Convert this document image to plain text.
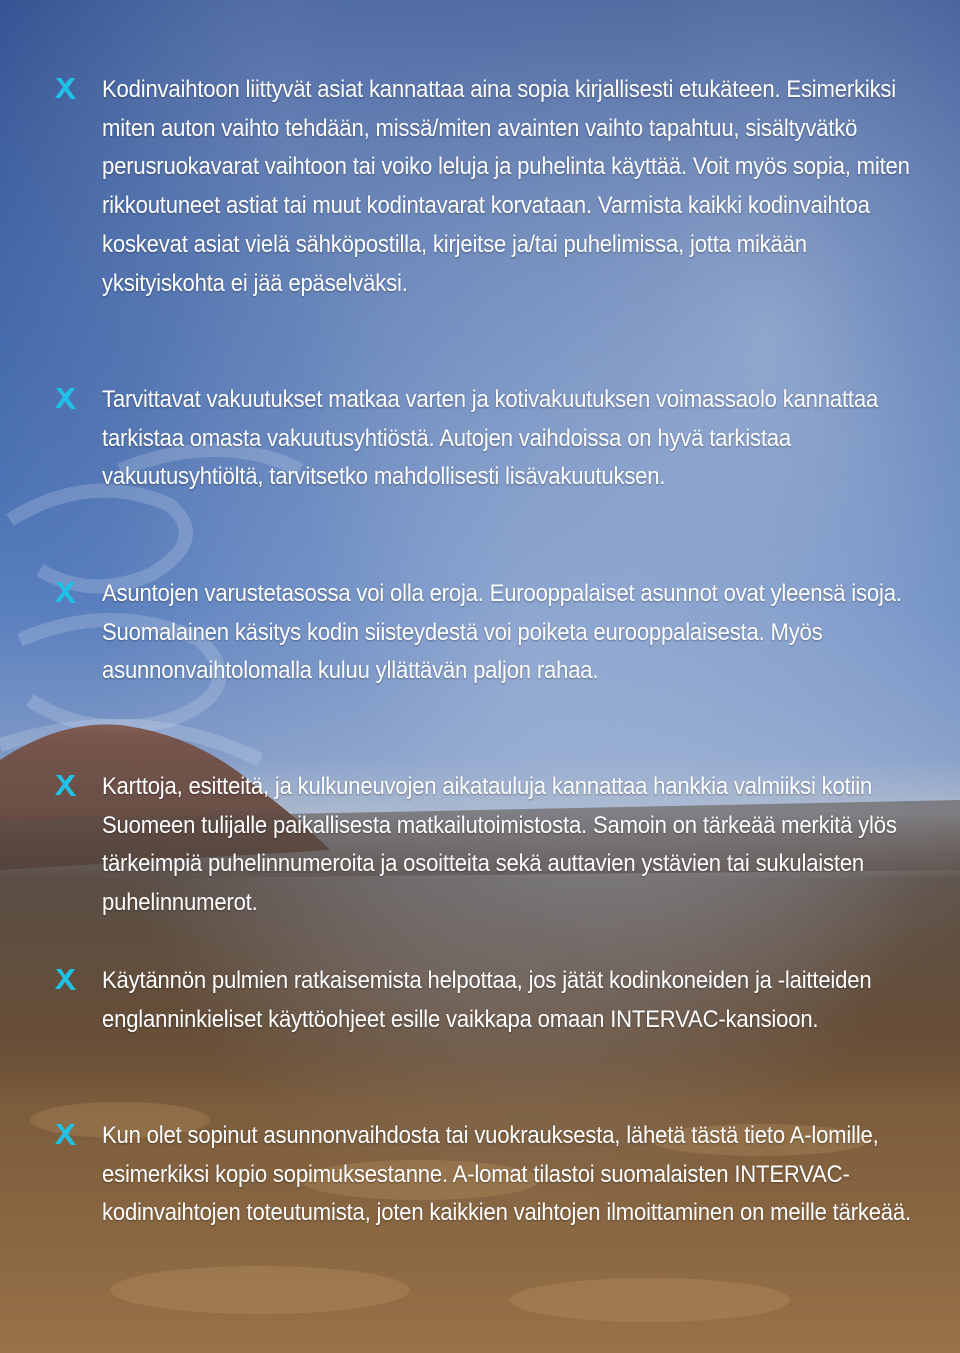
Kodinvaihtoon liittyvät asiat kannattaa aina sopia kirjallisesti etukäteen. Esimerkiksi miten auton vaihto tehdään, missä/miten avainten vaihto tapahtuu, sisältyvätkö perusruokavarat vaihtoon tai voiko leluja ja puhelinta käyttää. Voit myös sopia, miten rikkoutuneet astiat tai muut kodintavarat korvataan. Varmista kaikki kodinvaihtoa koskevat asiat vielä sähköpostilla, kirjeitse ja/tai puhelimissa, jotta mikään yksityiskohta ei jää epäselväksi.

Tarvittavat vakuutukset matkaa varten ja kotivakuutuksen voimassaolo kannattaa tarkistaa omasta vakuutusyhtiöstä. Autojen vaihdoissa on hyvä tarkistaa vakuutusyhtiöltä, tarvitsetko mahdollisesti lisävakuutuksen.

Asuntojen varustetasossa voi olla eroja. Eurooppalaiset asunnot ovat yleensä isoja. Suomalainen käsitys kodin siisteydestä voi poiketa eurooppalaisesta. Myös asunnonvaihtolomalla kuluu yllättävän paljon rahaa.

Karttoja, esitteitä, ja kulkuneuvojen aikatauluja kannattaa hankkia valmiiksi kotiin Suomeen tulijalle paikallisesta matkailutoimistosta. Samoin on tärkeää merkitä ylös tärkeimpiä puhelinnumeroita ja osoitteita sekä auttavien ystävien tai sukulaisten puhelinnumerot.

Käytännön pulmien ratkaisemista helpottaa, jos jätät kodinkoneiden ja -laitteiden englanninkieliset käyttöohjeet esille vaikkapa omaan INTERVAC-kansioon.

Kun olet sopinut asunnonvaihdosta tai vuokrauksesta, lähetä tästä tieto A-lomille, esimerkiksi kopio sopimuksestanne. A-lomat tilastoi suomalaisten INTERVAC-kodinvaihtojen toteutumista, joten kaikkien vaihtojen ilmoittaminen on meille tärkeää.
